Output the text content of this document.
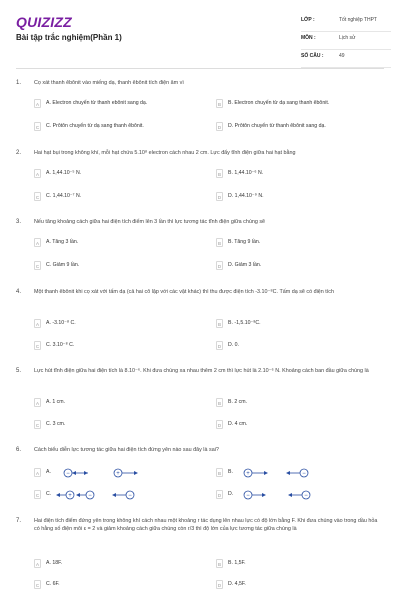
QUIZIZZ
Bài tập trắc nghiệm(Phần 1)
LỚP :	Tốt nghiệp THPT
MÔN :	Lịch sử
SỐ CÂU :	49
1. Cọ xát thanh êbônit vào miếng dạ, thanh êbônit tích điện âm vì
A	A. Electron chuyển từ thanh ebônit sang dạ.	B	B. Electron chuyển từ dạ sang thanh êbônit.
C	C. Prôtôn chuyển từ dạ sang thanh êbônit.	D	D. Prôtôn chuyển từ thanh êbônit sang dạ.
2. Hai hạt bụi trong không khí, mỗi hạt chứa 5.10⁸ electron cách nhau 2 cm. Lực đẩy tĩnh điện giữa hai hạt bằng
A	A. 1,44.10⁻⁵ N.	B	B. 1,44.10⁻⁶ N.
C	C. 1,44.10⁻⁷ N.	D	D. 1,44.10⁻⁹ N.
3. Nếu tăng khoảng cách giữa hai điện tích điểm lên 3 lần thì lực tương tác tĩnh điện giữa chúng sẽ
A	A. Tăng 3 lần.	B	B. Tăng 9 lần.
C	C. Giảm 9 lần.	D	D. Giảm 3 lần.
4. Một thanh êbônit khi cọ xát với tấm dạ (cả hai cô lập với các vật khác) thì thu được điện tích -3.10⁻⁸C. Tấm dạ sẽ có điện tích
A	A. -3.10⁻⁸ C.	B	B. -1,5.10⁻⁸C.
C	C. 3.10⁻⁸ C.	D	D. 0.
5. Lực hút tĩnh điện giữa hai điện tích là 8.10⁻⁶. Khi đưa chúng xa nhau thêm 2 cm thì lực hút là 2.10⁻⁶ N. Khoảng cách ban đầu giữa chúng là
A	A. 1 cm.	B	B. 2 cm.
C	C. 3 cm.	D	D. 4 cm.
6. Cách biểu diễn lực tương tác giữa hai điện tích đứng yên nào sau đây là sai?
A	A.	−	+	B	B. +	−
C	C.	+	−	−	D	D. −	−
7. Hai điện tích điểm đứng yên trong không khí cách nhau một khoảng r tác dụng lên nhau lực có độ lớn bằng F. Khi đưa chúng vào trong dầu hỏa có hằng số điện môi ε = 2 và giảm khoảng cách giữa chúng còn r/3 thì độ lớn của lực tương tác giữa chúng là
A	A. 18F.	B	B. 1,5F.
C	C. 6F.	D	D. 4,5F.
